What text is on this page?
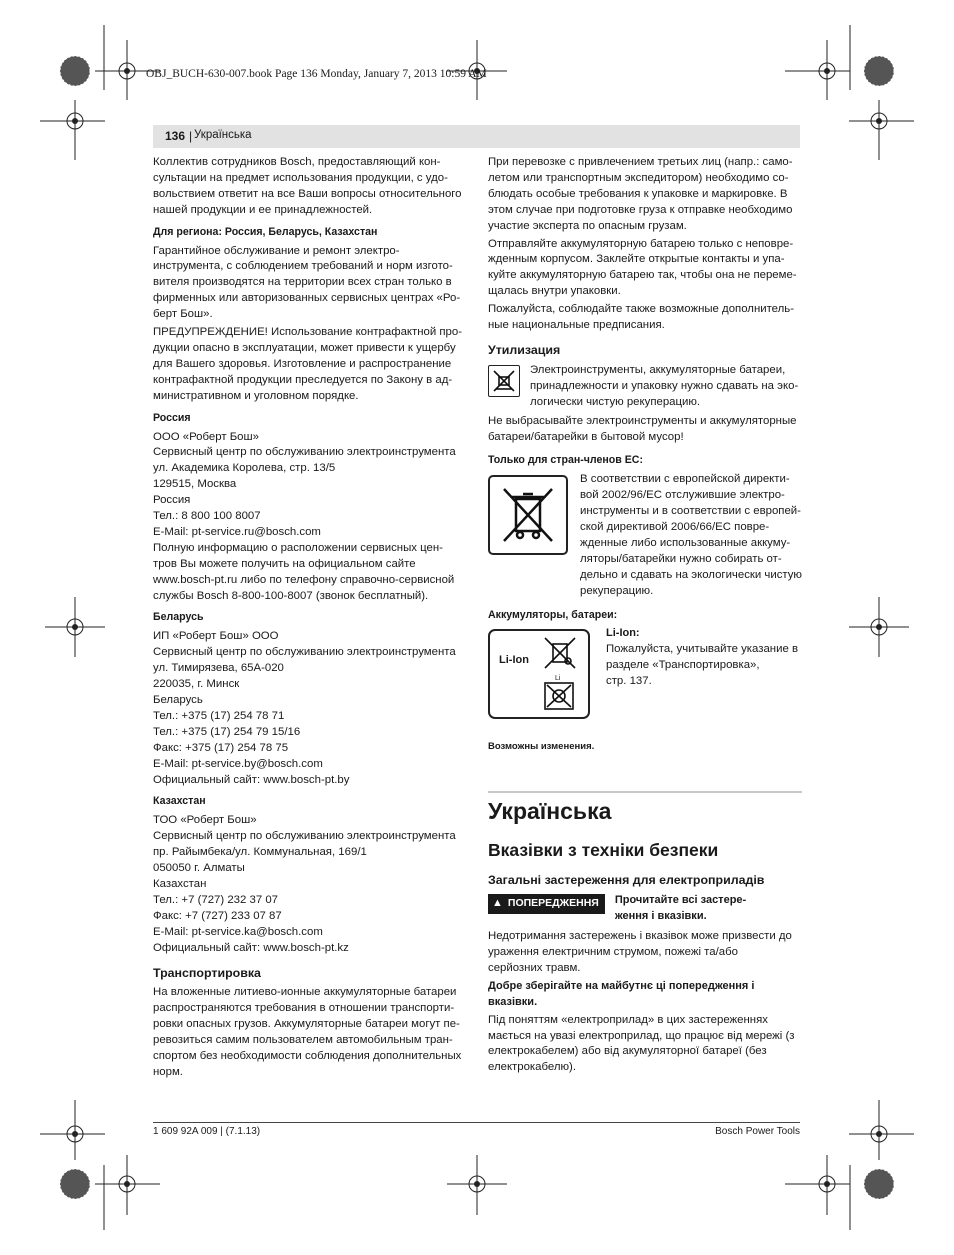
OBJ_BUCH-630-007.book Page 136 Monday, January 7, 2013 10:59 AM
136 | Українська

Коллектив сотрудников Bosch, предоставляющий кон-
сультации на предмет использования продукции, с удо-
вольствием ответит на все Ваши вопросы относительного
нашей продукции и ее принадлежностей.

Для региона: Россия, Беларусь, Казахстан

Гарантийное обслуживание и ремонт электро-
инструмента, с соблюдением требований и норм изгото-
вителя производятся на территории всех стран только в
фирменных или авторизованных сервисных центрах «Ро-
берт Бош».

ПРЕДУПРЕЖДЕНИЕ! Использование контрафактной про-
дукции опасно в эксплуатации, может привести к ущербу
для Вашего здоровья. Изготовление и распространение
контрафактной продукции преследуется по Закону в ад-
министративном и уголовном порядке.

Россия

ООО «Роберт Бош»
Сервисный центр по обслуживанию электроинструмента
ул. Академика Королева, стр. 13/5
129515, Москва
Россия
Тел.: 8 800 100 8007
E-Mail: pt-service.ru@bosch.com
Полную информацию о расположении сервисных цен-
тров Вы можете получить на официальном сайте
www.bosch-pt.ru либо по телефону справочно-сервисной
службы Bosch 8-800-100-8007 (звонок бесплатный).

Беларусь

ИП «Роберт Бош» ООО
Сервисный центр по обслуживанию электроинструмента
ул. Тимирязева, 65А-020
220035, г. Минск
Беларусь
Тел.: +375 (17) 254 78 71
Тел.: +375 (17) 254 79 15/16
Факс: +375 (17) 254 78 75
E-Mail: pt-service.by@bosch.com
Официальный сайт: www.bosch-pt.by

Казахстан

ТОО «Роберт Бош»
Сервисный центр по обслуживанию электроинструмента
пр. Райымбека/ул. Коммунальная, 169/1
050050 г. Алматы
Казахстан
Тел.: +7 (727) 232 37 07
Факс: +7 (727) 233 07 87
E-Mail: pt-service.ka@bosch.com
Официальный сайт: www.bosch-pt.kz

Транспортировка

На вложенные литиево-ионные аккумуляторные батареи
распространяются требования в отношении транспорти-
ровки опасных грузов. Аккумуляторные батареи могут пе-
ревозиться самим пользователем автомобильным тран-
спортом без необходимости соблюдения дополнительных
норм.

При перевозке с привлечением третьих лиц (напр.: само-
летом или транспортным экспедитором) необходимо со-
блюдать особые требования к упаковке и маркировке. В
этом случае при подготовке груза к отправке необходимо
участие эксперта по опасным грузам.

Отправляйте аккумуляторную батарею только с неповре-
жденным корпусом. Заклейте открытые контакты и упа-
куйте аккумуляторную батарею так, чтобы она не переме-
щалась внутри упаковки.

Пожалуйста, соблюдайте также возможные дополнитель-
ные национальные предписания.

Утилизация

Электроинструменты, аккумуляторные батареи,
принадлежности и упаковку нужно сдавать на эко-
логически чистую рекуперацию.

Не выбрасывайте электроинструменты и аккумуляторные
батареи/батарейки в бытовой мусор!

Только для стран-членов ЕС:

В соответствии с европейской директи-
вой 2002/96/ЕС отслужившие электро-
инструменты и в соответствии с европей-
ской директивой 2006/66/ЕС повре-
жденные либо использованные аккуму-
ляторы/батарейки нужно собирать от-
дельно и сдавать на экологически чистую
рекуперацию.

Аккумуляторы, батареи:
Li-Ion
Li
Li-Ion:

Пожалуйста, учитывайте указание в
разделе «Транспортировка»,
стр. 137.

Возможны изменения.
Українська
Вказівки з техніки безпеки
Загальні застереження для електроприладів
▲ ПОПЕРЕДЖЕННЯ Прочитайте всі застере-
ження і вказівки.

Недотримання застережень і вказівок може призвести до
ураження електричним струмом, пожежі та/або
серйозних травм.

Добре зберігайте на майбутнє ці попередження і
вказівки.

Під поняттям «електроприлад» в цих застереженнях
мається на увазі електроприлад, що працює від мережі (з
електрокабелем) або від акумуляторної батареї (без
електрокабелю).

1 609 92A 009 | (7.1.13)	Bosch Power Tools
